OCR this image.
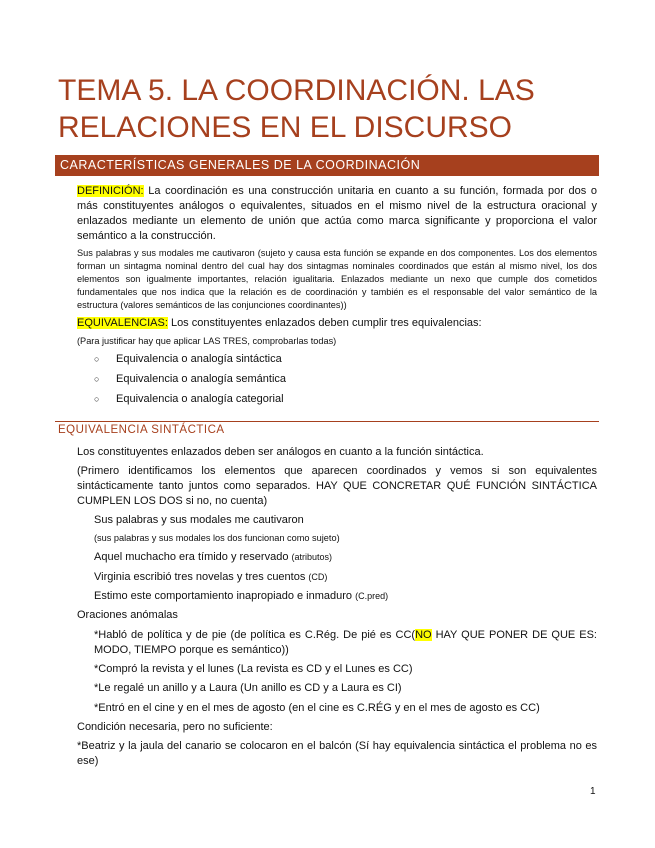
TEMA 5. LA COORDINACIÓN. LAS RELACIONES EN EL DISCURSO
CARACTERÍSTICAS GENERALES DE LA COORDINACIÓN
DEFINICIÓN: La coordinación es una construcción unitaria en cuanto a su función, formada por dos o más constituyentes análogos o equivalentes, situados en el mismo nivel de la estructura oracional y enlazados mediante un elemento de unión que actúa como marca significante y proporciona el valor semántico a la construcción.
Sus palabras y sus modales me cautivaron (sujeto y causa esta función se expande en dos componentes. Los dos elementos forman un sintagma nominal dentro del cual hay dos sintagmas nominales coordinados que están al mismo nivel, los dos elementos son igualmente importantes, relación igualitaria. Enlazados mediante un nexo que cumple dos cometidos fundamentales que nos indica que la relación es de coordinación y también es el responsable del valor semántico de la estructura (valores semánticos de las conjunciones coordinantes))
EQUIVALENCIAS: Los constituyentes enlazados deben cumplir tres equivalencias:
(Para justificar hay que aplicar LAS TRES, comprobarlas todas)
○ Equivalencia o analogía sintáctica
○ Equivalencia o analogía semántica
○ Equivalencia o analogía categorial
EQUIVALENCIA SINTÁCTICA
Los constituyentes enlazados deben ser análogos en cuanto a la función sintáctica.
(Primero identificamos los elementos que aparecen coordinados y vemos si son equivalentes sintácticamente tanto juntos como separados. HAY QUE CONCRETAR QUÉ FUNCIÓN SINTÁCTICA CUMPLEN LOS DOS si no, no cuenta)
Sus palabras y sus modales me cautivaron
(sus palabras y sus modales los dos funcionan como sujeto)
Aquel muchacho era tímido y reservado (atributos)
Virginia escribió tres novelas y tres cuentos (CD)
Estimo este comportamiento inapropiado e inmaduro (C.pred)
Oraciones anómalas
*Habló de política y de pie (de política es C.Rég. De pié es CC(NO HAY QUE PONER DE QUE ES: MODO, TIEMPO porque es semántico))
*Compró la revista y el lunes (La revista es CD y el Lunes es CC)
*Le regalé un anillo y a Laura (Un anillo es CD y a Laura es CI)
*Entró en el cine y en el mes de agosto (en el cine es C.RÉG y en el mes de agosto es CC)
Condición necesaria, pero no suficiente:
*Beatriz y la jaula del canario se colocaron en el balcón (Sí hay equivalencia sintáctica el problema no es ese)
1
